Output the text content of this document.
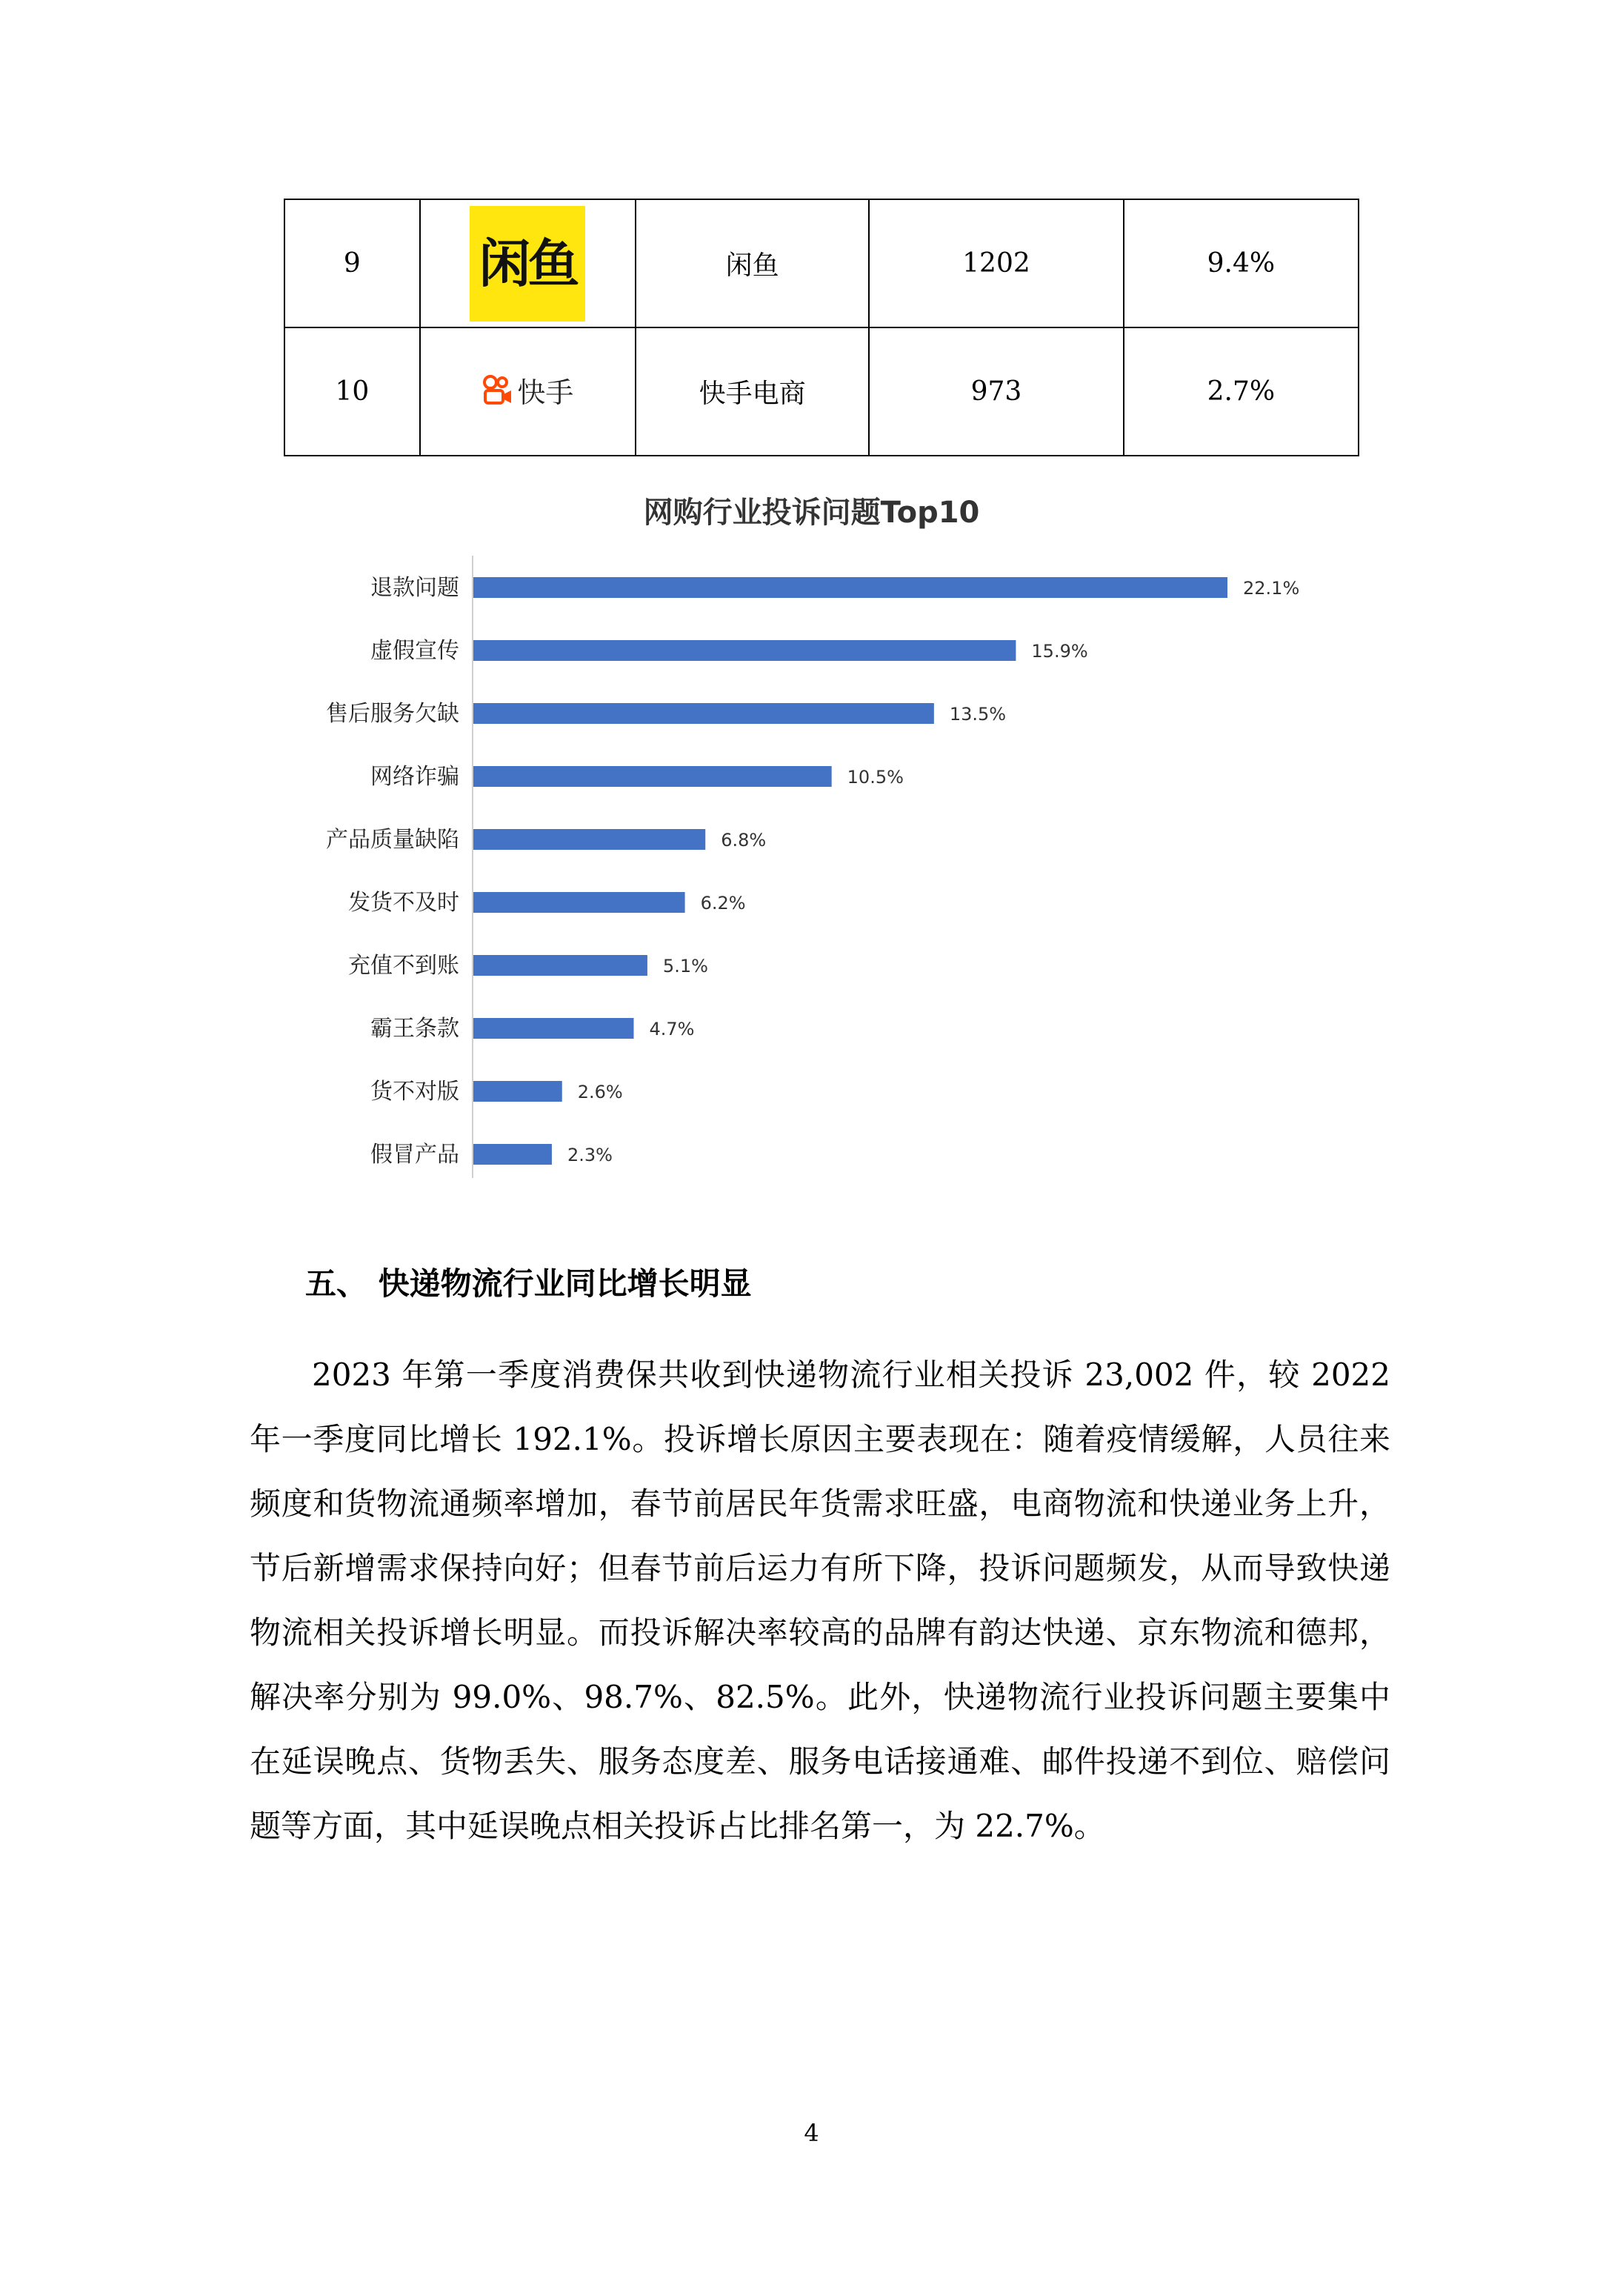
9	闲鱼	闲鱼	1202	9.4%
10	快手	快手电商	973	2.7%
网购行业投诉问题Top10
退款问题	22.1%
虚假宣传	15.9%
售后服务欠缺	13.5%
网络诈骗	10.5%
产品质量缺陷	6.8%
发货不及时	6.2%
充值不到账	5.1%
霸王条款	4.7%
货不对版	2.6%
假冒产品	2.3%
五、 快递物流行业同比增长明显

2023 年第一季度消费保共收到快递物流行业相关投诉 23,002 件，较 2022 年一季度同比增长 192.1%。投诉增长原因主要表现在：随着疫情缓解，人员往来频度和货物流通频率增加，春节前居民年货需求旺盛，电商物流和快递业务上升，节后新增需求保持向好；但春节前后运力有所下降，投诉问题频发，从而导致快递物流相关投诉增长明显。而投诉解决率较高的品牌有韵达快递、京东物流和德邦，解决率分别为 99.0%、98.7%、82.5%。此外，快递物流行业投诉问题主要集中在延误晚点、货物丢失、服务态度差、服务电话接通难、邮件投递不到位、赔偿问题等方面，其中延误晚点相关投诉占比排名第一，为 22.7%。

4
